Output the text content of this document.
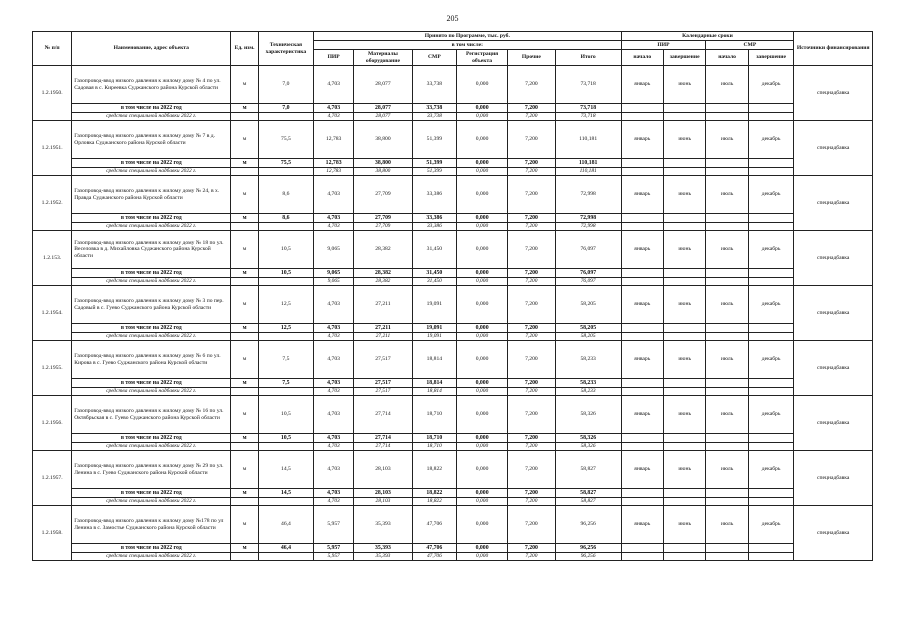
205
№ п/п	Наименование, адрес объекта	Ед. изм.	Техническая характеристика	Принято по Программе, тыс. руб.						Календарные сроки				Источники финансирования
				в том числе:						ПИР		СМР		
				ПИР	Материалы оборудование	СМР	Регистрация объекта	Прочие	Итого	начало	завершение	начало	завершение	
1.2.1950.	Газопровод-ввод низкого давления к жилому дому № 4 по ул. Садовая в с. Киреевка Суджанского района Курской области	м	7,0	4,703	28,077	33,738	0,000	7,200	73,718	январь	июнь	июль	декабрь	спецнадбавка
	в том числе на 2022 год	м	7,0	4,703	28,077	33,738	0,000	7,200	73,718					
	средства специальной надбавки 2022 г.			4,703	28,077	33,738	0,000	7,200	73,718					
1.2.1951.	Газопровод-ввод низкого давления к жилому дому № 7 в д. Орловка Суджанского района Курской области	м	75,5	12,783	38,800	51,399	0,000	7,200	110,181	январь	июнь	июль	декабрь	спецнадбавка
	в том числе на 2022 год	м	75,5	12,783	38,800	51,399	0,000	7,200	110,181					
	средства специальной надбавки 2022 г.			12,783	38,800	51,399	0,000	7,200	110,181					
1.2.1952.	Газопровод-ввод низкого давления к жилому дому № 24, в х. Правда Суджанского района Курской области	м	8,6	4,703	27,709	33,386	0,000	7,200	72,998	январь	июнь	июль	декабрь	спецнадбавка
	в том числе на 2022 год	м	8,6	4,703	27,709	33,386	0,000	7,200	72,998					
	средства специальной надбавки 2022 г.			4,703	27,709	33,386	0,000	7,200	72,998					
1.2.153.	Газопровод-ввод низкого давления к жилому дому № 18 по ул. Веселовка в д. Михайловка Суджанского района Курской области	м	10,5	9,065	28,382	31,450	0,000	7,200	76,097	январь	июнь	июль	декабрь	спецнадбавка
	в том числе на 2022 год	м	10,5	9,065	28,382	31,450	0,000	7,200	76,097					
	средства специальной надбавки 2022 г.			9,065	28,382	31,450	0,000	7,200	76,097					
1.2.1954.	Газопровод-ввод низкого давления к жилому дому № 3 по пер. Садовый в с. Гуево Суджанского района Курской области	м	12,5	4,703	27,211	19,091	0,000	7,200	58,205	январь	июнь	июль	декабрь	спецнадбавка
	в том числе на 2022 год	м	12,5	4,703	27,211	19,091	0,000	7,200	58,205					
	средства специальной надбавки 2022 г.			4,703	27,211	19,091	0,000	7,200	58,205					
1.2.1955.	Газопровод-ввод низкого давления к жилому дому № 6 по ул. Кирова в с. Гуево Суджанского района Курской области	м	7,5	4,703	27,517	18,814	0,000	7,200	58,233	январь	июнь	июль	декабрь	спецнадбавка
	в том числе на 2022 год	м	7,5	4,703	27,517	18,814	0,000	7,200	58,233					
	средства специальной надбавки 2022 г.			4,703	27,517	18,814	0,000	7,200	58,233					
1.2.1956.	Газопровод-ввод низкого давления к жилому дому № 16 по ул. Октябрьская в с. Гуево Суджанского района Курской области	м	10,5	4,703	27,714	18,710	0,000	7,200	58,326	январь	июнь	июль	декабрь	спецнадбавка
	в том числе на 2022 год	м	10,5	4,703	27,714	18,710	0,000	7,200	58,326					
	средства специальной надбавки 2022 г.			4,703	27,714	18,710	0,000	7,200	58,326					
1.2.1957.	Газопровод-ввод низкого давления к жилому дому № 29 по ул. Ленина в с. Гуево Суджанского района Курской области	м	14,5	4,703	28,103	18,822	0,000	7,200	58,827	январь	июнь	июль	декабрь	спецнадбавка
	в том числе на 2022 год	м	14,5	4,703	28,103	18,822	0,000	7,200	58,827					
	средства специальной надбавки 2022 г.			4,703	28,103	18,822	0,000	7,200	58,827					
1.2.1958.	Газопровод-ввод низкого давления к жилому дому №178 по ул Ленина в с. Замостье Суджанского района Курской области	м	46,4	5,957	35,393	47,706	0,000	7,200	96,256	январь	июнь	июль	декабрь	спецнадбавка
	в том числе на 2022 год	м	46,4	5,957	35,393	47,706	0,000	7,200	96,256					
	средства специальной надбавки 2022 г.			5,957	35,393	47,706	0,000	7,200	96,256					
